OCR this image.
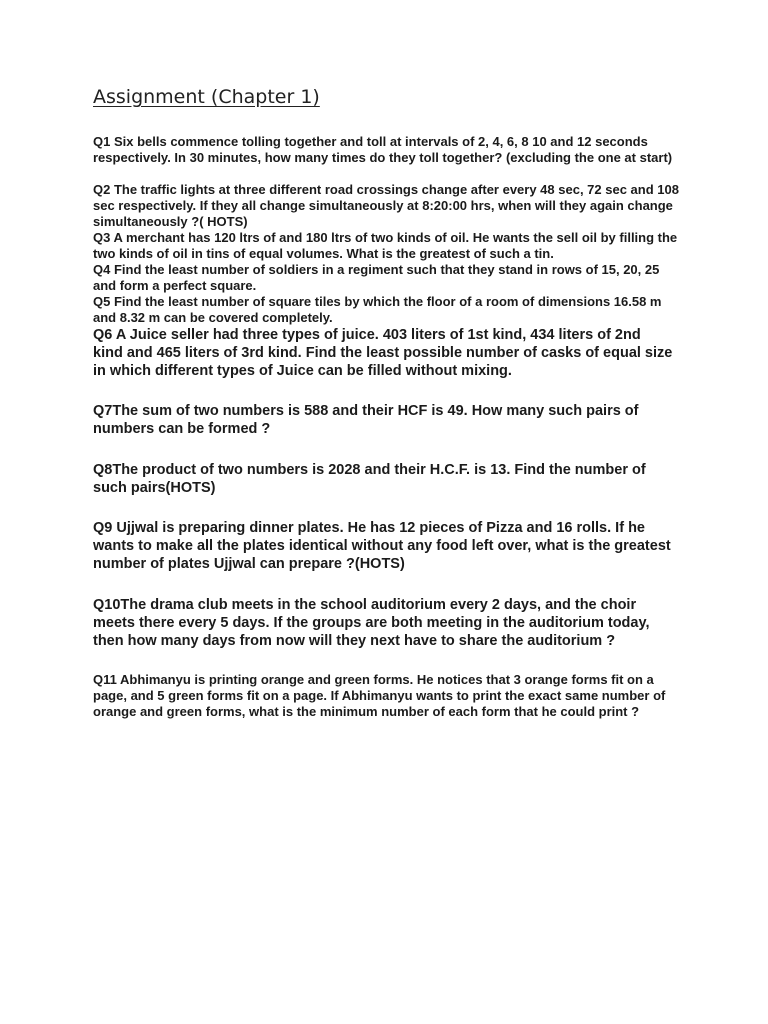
Assignment (Chapter 1)

Q1 Six bells commence tolling together and toll at intervals of 2, 4, 6, 8 10 and 12 seconds respectively. In 30 minutes, how many times do they toll together? (excluding the one at start)

Q2 The traffic lights at three different road crossings change after every 48 sec, 72 sec and 108 sec respectively. If they all change simultaneously at 8:20:00 hrs, when will they again change simultaneously ?( HOTS)

Q3 A merchant has 120 ltrs of and 180 ltrs of two kinds of oil. He wants the sell oil by filling the two kinds of oil in tins of equal volumes. What is the greatest of such a tin.

Q4 Find the least number of soldiers in a regiment such that they stand in rows of 15, 20, 25 and form a perfect square.

Q5 Find the least number of square tiles by which the floor of a room of dimensions 16.58 m and 8.32 m can be covered completely.

Q6 A Juice seller had three types of juice. 403 liters of 1st kind, 434 liters of 2nd kind and 465 liters of 3rd kind. Find the least possible number of casks of equal size in which different types of Juice can be filled without mixing.

Q7The sum of two numbers is 588 and their HCF is 49. How many such pairs of numbers can be formed ?

Q8The product of two numbers is 2028 and their H.C.F. is 13. Find the number of such pairs(HOTS)

Q9 Ujjwal is preparing dinner plates. He has 12 pieces of Pizza and 16 rolls. If he wants to make all the plates identical without any food left over, what is the greatest number of plates Ujjwal can prepare ?(HOTS)

Q10The drama club meets in the school auditorium every 2 days, and the choir meets there every 5 days. If the groups are both meeting in the auditorium today, then how many days from now will they next have to share the auditorium ?

Q11 Abhimanyu is printing orange and green forms. He notices that 3 orange forms fit on a page, and 5 green forms fit on a page. If Abhimanyu wants to print the exact same number of orange and green forms, what is the minimum number of each form that he could print ?
